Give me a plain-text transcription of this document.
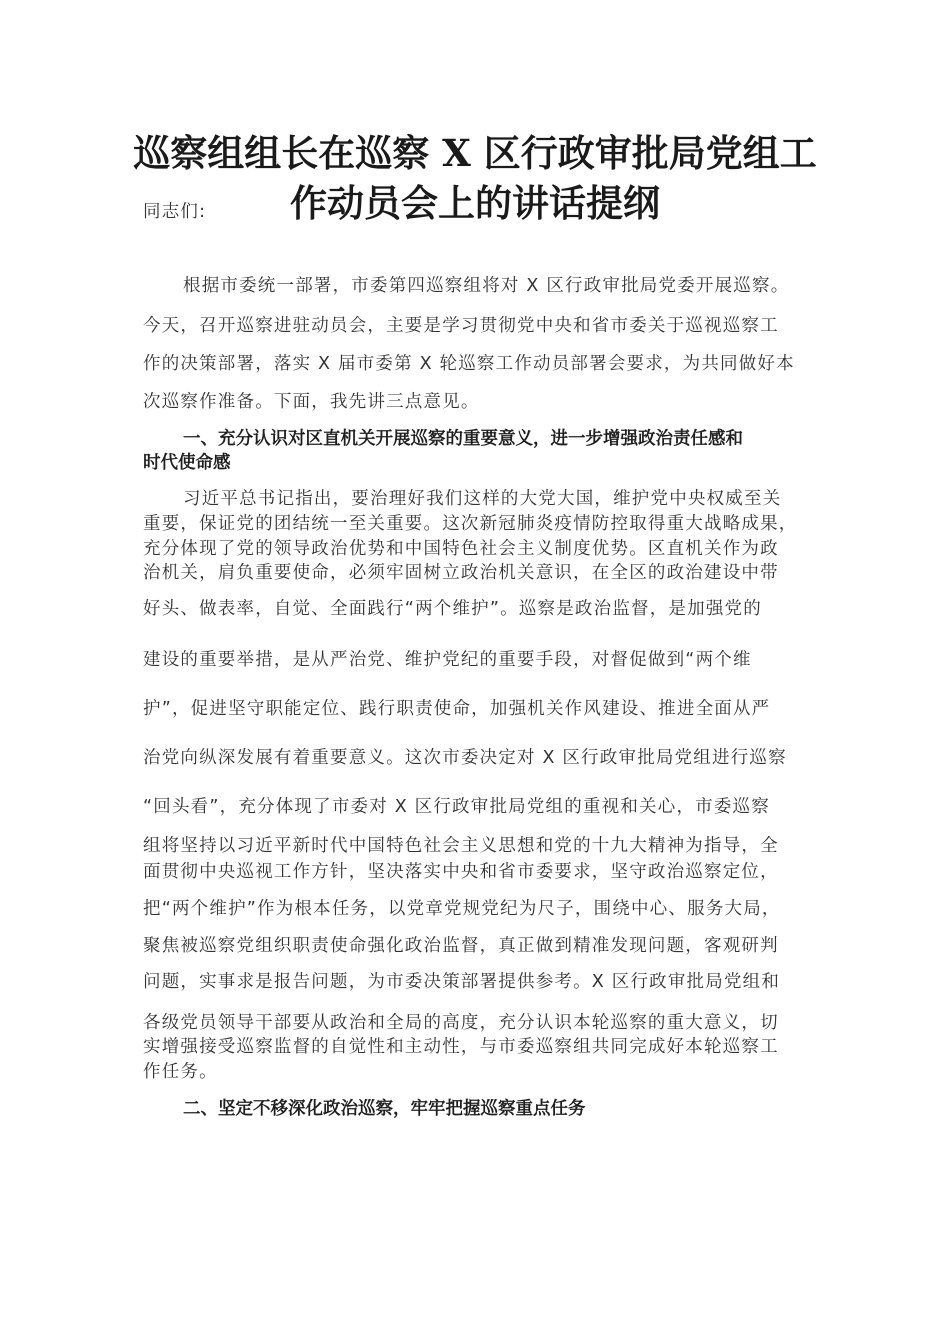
巡察组组长在巡察 X 区行政审批局党组工
作动员会上的讲话提纲

同志们:

根据市委统一部署，市委第四巡察组将对 X 区行政审批局党委开展巡察。

今天，召开巡察进驻动员会，主要是学习贯彻党中央和省市委关于巡视巡察工

作的决策部署，落实 X 届市委第 X 轮巡察工作动员部署会要求，为共同做好本

次巡察作准备。下面，我先讲三点意见。

一、充分认识对区直机关开展巡察的重要意义，进一步增强政治责任感和

时代使命感

习近平总书记指出，要治理好我们这样的大党大国，维护党中央权威至关

重要，保证党的团结统一至关重要。这次新冠肺炎疫情防控取得重大战略成果，

充分体现了党的领导政治优势和中国特色社会主义制度优势。区直机关作为政

治机关，肩负重要使命，必须牢固树立政治机关意识，在全区的政治建设中带

好头、做表率，自觉、全面践行“两个维护”。巡察是政治监督，是加强党的

建设的重要举措，是从严治党、维护党纪的重要手段，对督促做到“两个维

护”，促进坚守职能定位、践行职责使命，加强机关作风建设、推进全面从严

治党向纵深发展有着重要意义。这次市委决定对 X 区行政审批局党组进行巡察

“回头看”，充分体现了市委对 X 区行政审批局党组的重视和关心，市委巡察

组将坚持以习近平新时代中国特色社会主义思想和党的十九大精神为指导，全

面贯彻中央巡视工作方针，坚决落实中央和省市委要求，坚守政治巡察定位，

把“两个维护”作为根本任务，以党章党规党纪为尺子，围绕中心、服务大局，

聚焦被巡察党组织职责使命强化政治监督，真正做到精准发现问题，客观研判

问题，实事求是报告问题，为市委决策部署提供参考。X 区行政审批局党组和

各级党员领导干部要从政治和全局的高度，充分认识本轮巡察的重大意义，切

实增强接受巡察监督的自觉性和主动性，与市委巡察组共同完成好本轮巡察工

作任务。

二、坚定不移深化政治巡察，牢牢把握巡察重点任务
